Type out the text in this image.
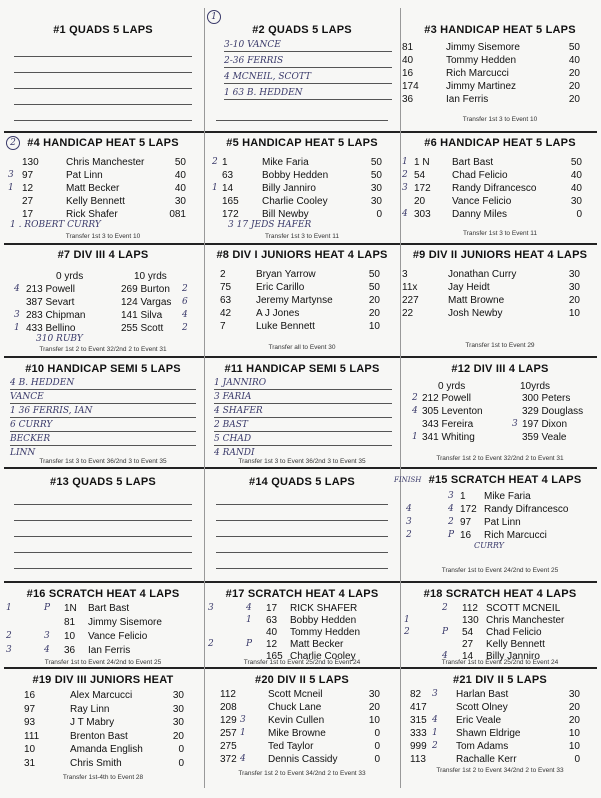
1
2
#1 QUADS 5 LAPS	#2 QUADS 5 LAPS
3-10 VANCE
2-36 FERRIS
4 MCNEIL, SCOTT
1 63 B. HEDDEN
#3 HANDICAP HEAT 5 LAPS
81	Jimmy Sisemore	50
40	Tommy Hedden	40
16	Rich Marcucci	20
174	Jimmy Martinez	20
36	Ian Ferris	20
Transfer 1st 3 to Event 10
#4 HANDICAP HEAT 5 LAPS
130	Chris Manchester	50
3 97	Pat Linn	40
1 12	Matt Becker	40
27	Kelly Bennett	30
17	Rick Shafer	081
1 . ROBERT CURRY
Transfer 1st 3 to Event 10
#5 HANDICAP HEAT 5 LAPS
2 1	Mike Faria	50
63	Bobby Hedden	50
1 14	Billy Janniro	30
165 Charlie Cooley	30
172 Bill Newby	0
3 17 JEDS HAFER
Transfer 1st 3 to Event 11
#6 HANDICAP HEAT 5 LAPS
1 1 N Bart Bast	50
2 54	Chad Felicio	40
3 172 Randy Difrancesco	40
20	Vance Felicio	30
4 303 Danny Miles	0
Transfer 1st 3 to Event 11
#7 DIV III 4 LAPS
0 yrds	10 yrds
4 213 Powell	269 Burton 2
387 Sevart	124 Vargas 6
3 283 Chipman	141 Silva 4
1 433 Bellino	255 Scott 2
310 RUBY
Transfer 1st 2 to Event 32/2nd 2 to Event 31
#8 DIV I JUNIORS HEAT 4 LAPS
2	Bryan Yarrow	50
75 Eric Carillo	50
63 Jeremy Martynse	20
42 A J Jones	20
7	Luke Bennett	10
Transfer all to Event 30
#9 DIV II JUNIORS HEAT 4 LAPS
3	Jonathan Curry	30
11x	Jay Heidt	30
227	Matt Browne	20
22	Josh Newby	10
Transfer 1st to Event 29
#10 HANDICAP SEMI 5 LAPS
4 B. HEDDEN
VANCE
1 36 FERRIS, IAN
6 CURRY
BECKER
LINN
Transfer 1st 3 to Event 36/2nd 3 to Event 35
#11 HANDICAP SEMI 5 LAPS
1 JANNIRO
3 FARIA
4 SHAFER
2 BAST
5 CHAD
4 RANDI
Transfer 1st 3 to Event 36/2nd 3 to Event 35
#12 DIV III 4 LAPS
0 yrds	10yrds
2 212 Powell	300 Peters
4 305 Leventon	329 Douglass
343 Fereira	3 197 Dixon
1 341 Whiting	359 Veale
Transfer 1st 2 to Event 32/2nd 2 to Event 31
#13 QUADS 5 LAPS	#14 QUADS 5 LAPS	FINISH #15 SCRATCH HEAT 4 LAPS
3 1 Mike Faria
4	4 172 Randy Difrancesco
3	2 97 Pat Linn
2	P 16 Rich Marcucci
CURRY
Transfer 1st to Event 24/2nd to Event 25
#16 SCRATCH HEAT 4 LAPS
1	P 1N Bart Bast
81 Jimmy Sisemore
2	3 10 Vance Felicio
3	4 36 Ian Ferris
Transfer 1st to Event 24/2nd to Event 25
#17 SCRATCH HEAT 4 LAPS
3	4 17 RICK SHAFER
1 63 Bobby Hedden
40 Tommy Hedden
2	P 12 Matt Becker
165 Charlie Cooley
Transfer 1st to Event 25/2nd to Event 24
#18 SCRATCH HEAT 4 LAPS
2 112 SCOTT MCNEIL
1	130 Chris Manchester
2	P 54 Chad Felicio
27 Kelly Bennett
4 14 Billy Janniro
Transfer 1st to Event 25/2nd to Event 24
#19 DIV III JUNIORS HEAT
16	Alex Marcucci	30
97	Ray Linn	30
93	J T Mabry	30
111	Brenton Bast	20
10	Amanda English	0
31	Chris Smith	0
Transfer 1st-4th to Event 28
#20 DIV II 5 LAPS
112	Scott Mcneil	30
208	Chuck Lane	20
129 3 Kevin Cullen	10
257 1 Mike Browne	0
275	Ted Taylor	0
372 4 Dennis Cassidy	0
Transfer 1st 2 to Event 34/2nd 2 to Event 33
#21 DIV II 5 LAPS
82 3 Harlan Bast	30
417	Scott Olney	20
315 4 Eric Veale	20
333 1 Shawn Eldrige	10
999 2 Tom Adams	10
113	Rachalle Kerr	0
Transfer 1st 2 to Event 34/2nd 2 to Event 33
